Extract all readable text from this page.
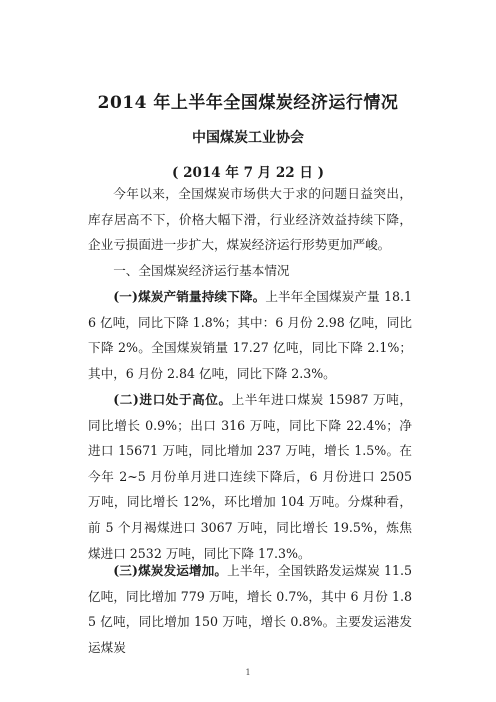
2014 年上半年全国煤炭经济运行情况
中国煤炭工业协会
( 2014 年 7 月 22 日 )
今年以来，全国煤炭市场供大于求的问题日益突出，库存居高不下，价格大幅下滑，行业经济效益持续下降，企业亏损面进一步扩大，煤炭经济运行形势更加严峻。
一、全国煤炭经济运行基本情况
(一)煤炭产销量持续下降。上半年全国煤炭产量 18.16 亿吨，同比下降 1.8%；其中：6 月份 2.98 亿吨，同比下降 2%。全国煤炭销量 17.27 亿吨，同比下降 2.1%；其中，6 月份 2.84 亿吨，同比下降 2.3%。
(二)进口处于高位。上半年进口煤炭 15987 万吨，同比增长 0.9%；出口 316 万吨，同比下降 22.4%；净进口 15671 万吨，同比增加 237 万吨，增长 1.5%。在今年 2~5 月份单月进口连续下降后，6 月份进口 2505 万吨，同比增长 12%，环比增加 104 万吨。分煤种看，前 5 个月褐煤进口 3067 万吨，同比增长 19.5%，炼焦煤进口 2532 万吨，同比下降 17.3%。
(三)煤炭发运增加。上半年，全国铁路发运煤炭 11.5 亿吨，同比增加 779 万吨，增长 0.7%，其中 6 月份 1.85 亿吨，同比增加 150 万吨，增长 0.8%。主要发运港发运煤炭
1
